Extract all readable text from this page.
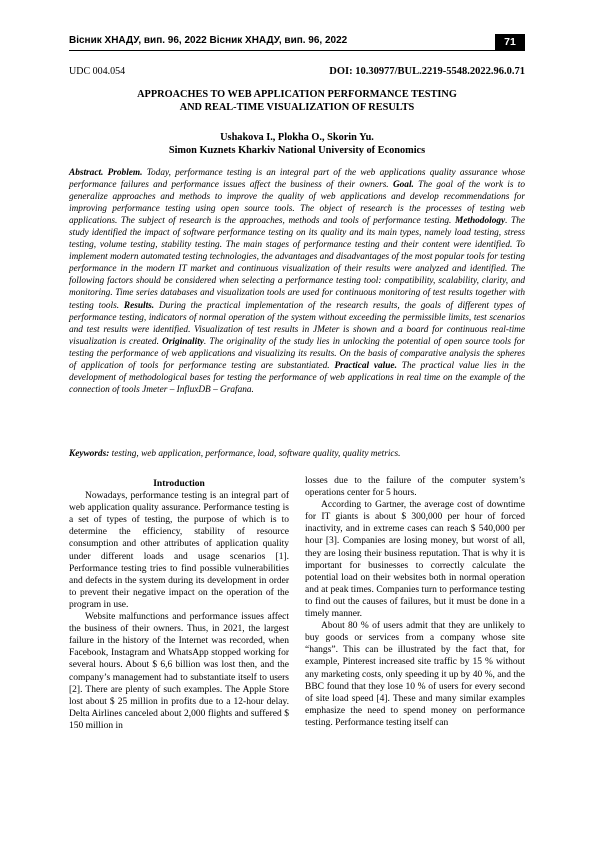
Вісник ХНАДУ, вип. 96, 2022 Вісник ХНАДУ, вип. 96, 2022	71
UDC 004.054	DOI: 10.30977/BUL.2219-5548.2022.96.0.71
APPROACHES TO WEB APPLICATION PERFORMANCE TESTING
AND REAL-TIME VISUALIZATION OF RESULTS
Ushakova I., Plokha O., Skorin Yu.
Simon Kuznets Kharkiv National University of Economics
Abstract. Problem. Today, performance testing is an integral part of the web applications quality assurance whose performance failures and performance issues affect the business of their owners. Goal. The goal of the work is to generalize approaches and methods to improve the quality of web applications and develop recommendations for improving performance testing using open source tools. The object of research is the processes of testing web applications. The subject of research is the approaches, methods and tools of performance testing. Methodology. The study identified the impact of software performance testing on its quality and its main types, namely load testing, stress testing, volume testing, stability testing. The main stages of performance testing and their content were identified. To implement modern automated testing technologies, the advantages and disadvantages of the most popular tools for testing performance in the modern IT market and continuous visualization of their results were analyzed and identified. The following factors should be considered when selecting a performance testing tool: compatibility, scalability, clarity, and monitoring. Time series databases and visualization tools are used for continuous monitoring of test results together with testing tools. Results. During the practical implementation of the research results, the goals of different types of performance testing, indicators of normal operation of the system without exceeding the permissible limits, test scenarios and test results were identified. Visualization of test results in JMeter is shown and a board for continuous real-time visualization is created. Originality. The originality of the study lies in unlocking the potential of open source tools for testing the performance of web applications and visualizing its results. On the basis of comparative analysis the spheres of application of tools for performance testing are substantiated. Practical value. The practical value lies in the development of methodological bases for testing the performance of web applications in real time on the example of the connection of tools Jmeter – InfluxDB – Grafana.
Keywords: testing, web application, performance, load, software quality, quality metrics.

Introduction

Nowadays, performance testing is an integral part of web application quality assurance. Performance testing is a set of types of testing, the purpose of which is to determine the efficiency, stability of resource consumption and other attributes of application quality under different loads and usage scenarios [1]. Performance testing tries to find possible vulnerabilities and defects in the system during its development in order to prevent their negative impact on the operation of the program in use.

Website malfunctions and performance issues affect the business of their owners. Thus, in 2021, the largest failure in the history of the Internet was recorded, when Facebook, Instagram and WhatsApp stopped working for several hours. About $ 6,6 billion was lost then, and the company’s management had to substantiate itself to users [2]. There are plenty of such examples. The Apple Store lost about $ 25 million in profits due to a 12-hour delay. Delta Airlines canceled about 2,000 flights and suffered $ 150 million in

losses due to the failure of the computer system’s operations center for 5 hours.

According to Gartner, the average cost of downtime for IT giants is about $ 300,000 per hour of forced inactivity, and in extreme cases can reach $ 540,000 per hour [3]. Companies are losing money, but worst of all, they are losing their business reputation. That is why it is important for businesses to correctly calculate the potential load on their websites both in normal operation and at peak times. Companies turn to performance testing to find out the causes of failures, but it must be done in a timely manner.

About 80 % of users admit that they are unlikely to buy goods or services from a company whose site “hangs”. This can be illustrated by the fact that, for example, Pinterest increased site traffic by 15 % without any marketing costs, only speeding it up by 40 %, and the BBC found that they lose 10 % of users for every second of site load speed [4]. These and many similar examples emphasize the need to spend money on performance testing. Performance testing itself can
